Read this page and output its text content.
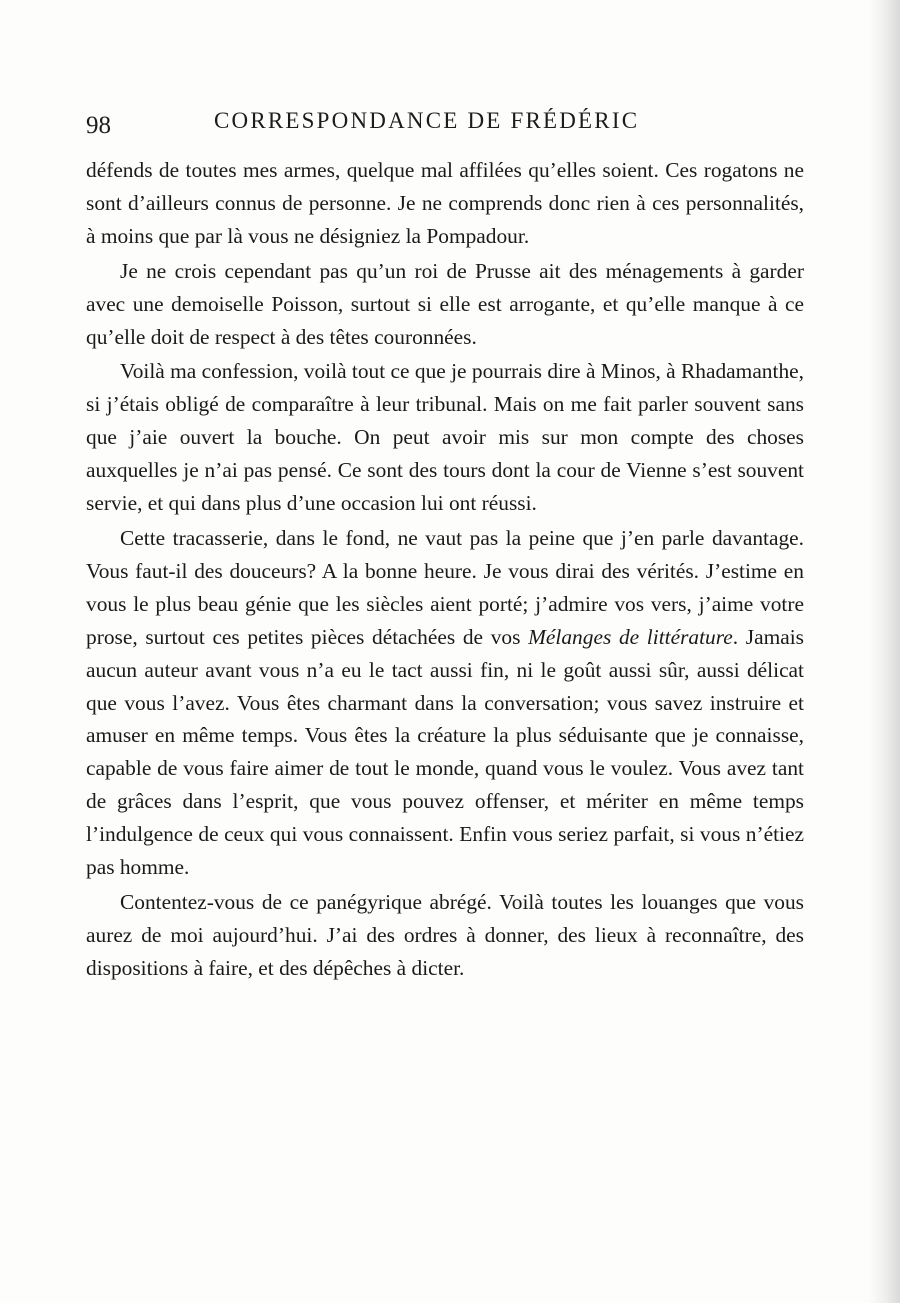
98	CORRESPONDANCE DE FRÉDÉRIC

défends de toutes mes armes, quelque mal affilées qu’elles soient. Ces rogatons ne sont d’ailleurs connus de personne. Je ne comprends donc rien à ces personnalités, à moins que par là vous ne désigniez la Pompadour.

Je ne crois cependant pas qu’un roi de Prusse ait des ménagements à garder avec une demoiselle Poisson, surtout si elle est arrogante, et qu’elle manque à ce qu’elle doit de respect à des têtes couronnées.

Voilà ma confession, voilà tout ce que je pourrais dire à Minos, à Rhadamanthe, si j’étais obligé de comparaître à leur tribunal. Mais on me fait parler souvent sans que j’aie ouvert la bouche. On peut avoir mis sur mon compte des choses auxquelles je n’ai pas pensé. Ce sont des tours dont la cour de Vienne s’est souvent servie, et qui dans plus d’une occasion lui ont réussi.

Cette tracasserie, dans le fond, ne vaut pas la peine que j’en parle davantage. Vous faut-il des douceurs? A la bonne heure. Je vous dirai des vérités. J’estime en vous le plus beau génie que les siècles aient porté; j’admire vos vers, j’aime votre prose, surtout ces petites pièces détachées de vos Mélanges de littérature. Jamais aucun auteur avant vous n’a eu le tact aussi fin, ni le goût aussi sûr, aussi délicat que vous l’avez. Vous êtes charmant dans la conversation; vous savez instruire et amuser en même temps. Vous êtes la créature la plus séduisante que je connaisse, capable de vous faire aimer de tout le monde, quand vous le voulez. Vous avez tant de grâces dans l’esprit, que vous pouvez offenser, et mériter en même temps l’indulgence de ceux qui vous connaissent. Enfin vous seriez parfait, si vous n’étiez pas homme.

Contentez-vous de ce panégyrique abrégé. Voilà toutes les louanges que vous aurez de moi aujourd’hui. J’ai des ordres à donner, des lieux à reconnaître, des dispositions à faire, et des dépêches à dicter.
